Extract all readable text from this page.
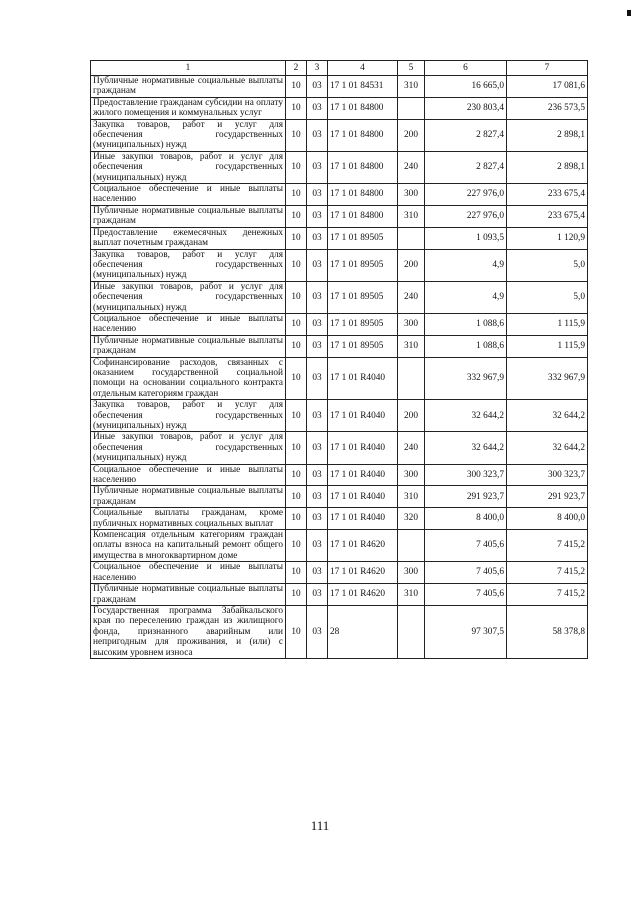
1	2	3	4	5	6	7
Публичные нормативные социальные выплаты гражданам	10	03	17 1 01 84531	310	16 665,0	17 081,6
Предоставление гражданам субсидии на оплату жилого помещения и коммунальных услуг	10	03	17 1 01 84800		230 803,4	236 573,5
Закупка товаров, работ и услуг для обеспечения государственных (муниципальных) нужд	10	03	17 1 01 84800	200	2 827,4	2 898,1
Иные закупки товаров, работ и услуг для обеспечения государственных (муниципальных) нужд	10	03	17 1 01 84800	240	2 827,4	2 898,1
Социальное обеспечение и иные выплаты населению	10	03	17 1 01 84800	300	227 976,0	233 675,4
Публичные нормативные социальные выплаты гражданам	10	03	17 1 01 84800	310	227 976,0	233 675,4
Предоставление ежемесячных денежных выплат почетным гражданам	10	03	17 1 01 89505		1 093,5	1 120,9
Закупка товаров, работ и услуг для обеспечения государственных (муниципальных) нужд	10	03	17 1 01 89505	200	4,9	5,0
Иные закупки товаров, работ и услуг для обеспечения государственных (муниципальных) нужд	10	03	17 1 01 89505	240	4,9	5,0
Социальное обеспечение и иные выплаты населению	10	03	17 1 01 89505	300	1 088,6	1 115,9
Публичные нормативные социальные выплаты гражданам	10	03	17 1 01 89505	310	1 088,6	1 115,9
Софинансирование расходов, связанных с оказанием государственной социальной помощи на основании социального контракта отдельным категориям граждан	10	03	17 1 01 R4040		332 967,9	332 967,9
Закупка товаров, работ и услуг для обеспечения государственных (муниципальных) нужд	10	03	17 1 01 R4040	200	32 644,2	32 644,2
Иные закупки товаров, работ и услуг для обеспечения государственных (муниципальных) нужд	10	03	17 1 01 R4040	240	32 644,2	32 644,2
Социальное обеспечение и иные выплаты населению	10	03	17 1 01 R4040	300	300 323,7	300 323,7
Публичные нормативные социальные выплаты гражданам	10	03	17 1 01 R4040	310	291 923,7	291 923,7
Социальные выплаты гражданам, кроме публичных нормативных социальных выплат	10	03	17 1 01 R4040	320	8 400,0	8 400,0
Компенсация отдельным категориям граждан оплаты взноса на капитальный ремонт общего имущества в многоквартирном доме	10	03	17 1 01 R4620		7 405,6	7 415,2
Социальное обеспечение и иные выплаты населению	10	03	17 1 01 R4620	300	7 405,6	7 415,2
Публичные нормативные социальные выплаты гражданам	10	03	17 1 01 R4620	310	7 405,6	7 415,2
Государственная программа Забайкальского края по переселению граждан из жилищного фонда, признанного аварийным или непригодным для проживания, и (или) с высоким уровнем износа	10	03	28		97 307,5	58 378,8
111
